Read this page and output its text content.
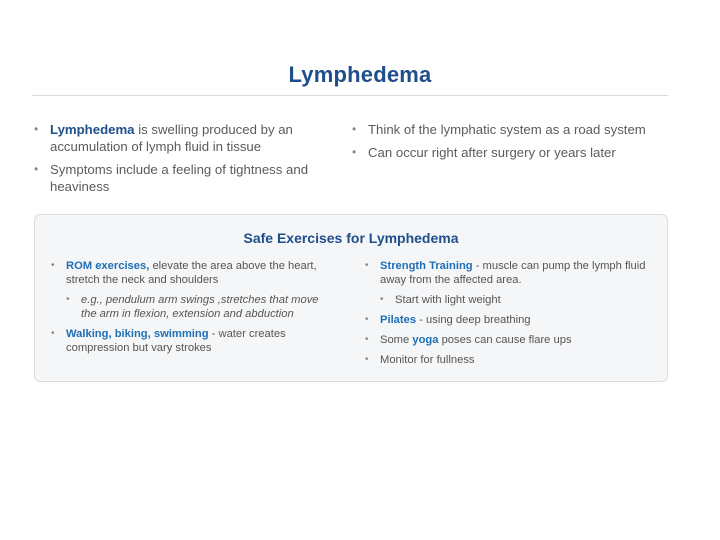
Lymphedema
• Lymphedema is swelling produced by an accumulation of lymph fluid in tissue
• Symptoms include a feeling of tightness and heaviness
• Think of the lymphatic system as a road system
• Can occur right after surgery or years later
Safe Exercises for Lymphedema
• ROM exercises, elevate the area above the heart, stretch the neck and shoulders
• e.g., pendulum arm swings ,stretches that move the arm in flexion, extension and abduction
• Walking, biking, swimming - water creates compression but vary strokes
• Strength Training - muscle can pump the lymph fluid away from the affected area.
• Start with light weight
• Pilates - using deep breathing
• Some yoga poses can cause flare ups
• Monitor for fullness
